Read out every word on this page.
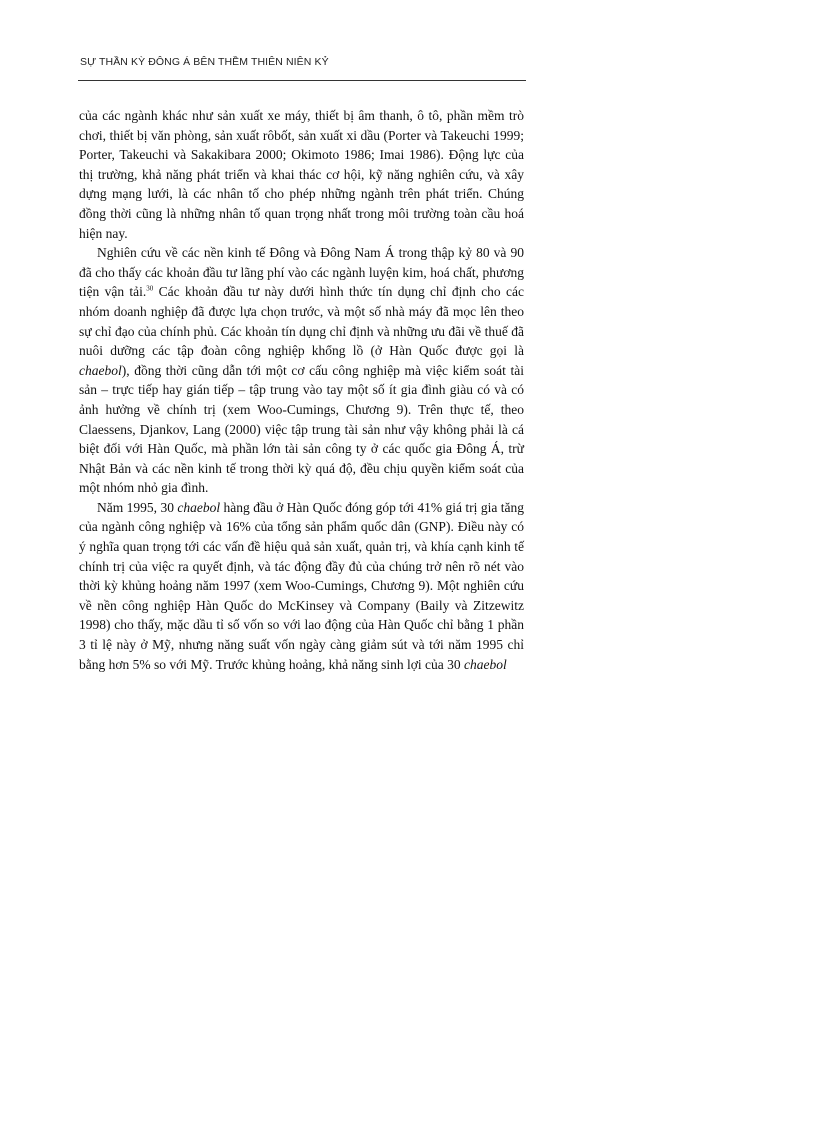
SỰ THẦN KỲ ĐÔNG Á BÊN THỀM THIÊN NIÊN KỶ

của các ngành khác như sản xuất xe máy, thiết bị âm thanh, ô tô, phần mềm trò chơi, thiết bị văn phòng, sản xuất rôbốt, sản xuất xi dầu (Porter và Takeuchi 1999; Porter, Takeuchi và Sakakibara 2000; Okimoto 1986; Imai 1986). Động lực của thị trường, khả năng phát triển và khai thác cơ hội, kỹ năng nghiên cứu, và xây dựng mạng lưới, là các nhân tố cho phép những ngành trên phát triển. Chúng đồng thời cũng là những nhân tố quan trọng nhất trong môi trường toàn cầu hoá hiện nay.

Nghiên cứu về các nền kinh tế Đông và Đông Nam Á trong thập kỷ 80 và 90 đã cho thấy các khoản đầu tư lãng phí vào các ngành luyện kim, hoá chất, phương tiện vận tải.$^{30}$ Các khoản đầu tư này dưới hình thức tín dụng chỉ định cho các nhóm doanh nghiệp đã được lựa chọn trước, và một số nhà máy đã mọc lên theo sự chỉ đạo của chính phủ. Các khoản tín dụng chỉ định và những ưu đãi về thuế đã nuôi dưỡng các tập đoàn công nghiệp khổng lồ (ở Hàn Quốc được gọi là chaebol), đồng thời cũng dẫn tới một cơ cấu công nghiệp mà việc kiểm soát tài sản – trực tiếp hay gián tiếp – tập trung vào tay một số ít gia đình giàu có và có ảnh hưởng về chính trị (xem Woo-Cumings, Chương 9). Trên thực tế, theo Claessens, Djankov, Lang (2000) việc tập trung tài sản như vậy không phải là cá biệt đối với Hàn Quốc, mà phần lớn tài sản công ty ở các quốc gia Đông Á, trừ Nhật Bản và các nền kinh tế trong thời kỳ quá độ, đều chịu quyền kiểm soát của một nhóm nhỏ gia đình.

Năm 1995, 30 chaebol hàng đầu ở Hàn Quốc đóng góp tới 41% giá trị gia tăng của ngành công nghiệp và 16% của tổng sản phẩm quốc dân (GNP). Điều này có ý nghĩa quan trọng tới các vấn đề hiệu quả sản xuất, quản trị, và khía cạnh kinh tế chính trị của việc ra quyết định, và tác động đầy đủ của chúng trở nên rõ nét vào thời kỳ khủng hoảng năm 1997 (xem Woo-Cumings, Chương 9). Một nghiên cứu về nền công nghiệp Hàn Quốc do McKinsey và Company (Baily và Zitzewitz 1998) cho thấy, mặc dầu tỉ số vốn so với lao động của Hàn Quốc chỉ bằng 1 phần 3 tỉ lệ này ở Mỹ, nhưng năng suất vốn ngày càng giảm sút và tới năm 1995 chỉ bằng hơn 5% so với Mỹ. Trước khủng hoảng, khả năng sinh lợi của 30 chaebol
